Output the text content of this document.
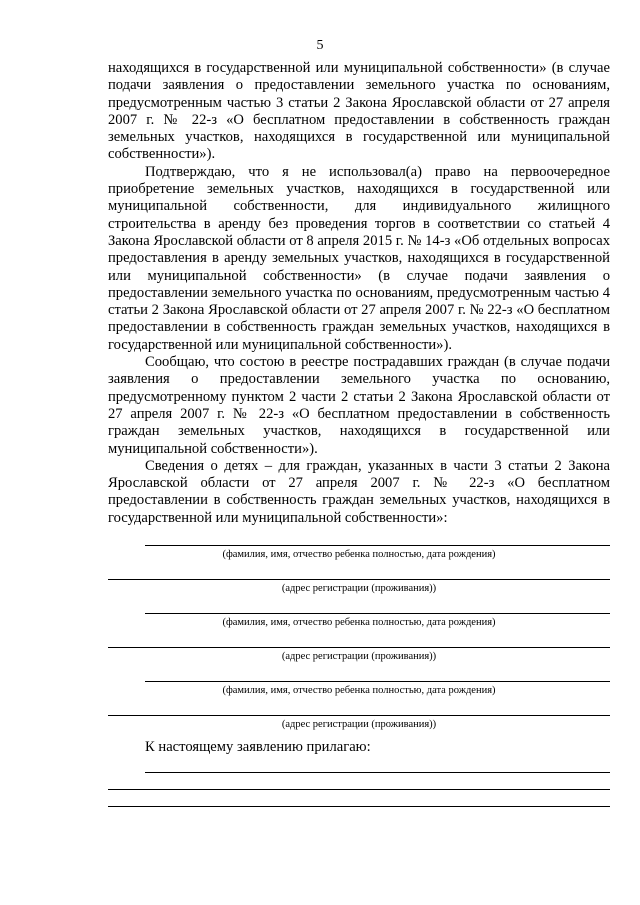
5

находящихся в государственной или муниципальной собственности» (в случае подачи заявления о предоставлении земельного участка по основаниям, предусмотренным частью 3 статьи 2 Закона Ярославской области от 27 апреля 2007 г. № 22-з «О бесплатном предоставлении в собственность граждан земельных участков, находящихся в государственной или муниципальной собственности»).

Подтверждаю, что я не использовал(а) право на первоочередное приобретение земельных участков, находящихся в государственной или муниципальной собственности, для индивидуального жилищного строительства в аренду без проведения торгов в соответствии со статьей 4 Закона Ярославской области от 8 апреля 2015 г. № 14-з «Об отдельных вопросах предоставления в аренду земельных участков, находящихся в государственной или муниципальной собственности» (в случае подачи заявления о предоставлении земельного участка по основаниям, предусмотренным частью 4 статьи 2 Закона Ярославской области от 27 апреля 2007 г. № 22-з «О бесплатном предоставлении в собственность граждан земельных участков, находящихся в государственной или муниципальной собственности»).

Сообщаю, что состою в реестре пострадавших граждан (в случае подачи заявления о предоставлении земельного участка по основанию, предусмотренному пунктом 2 части 2 статьи 2 Закона Ярославской области от 27 апреля 2007 г. № 22-з «О бесплатном предоставлении в собственность граждан земельных участков, находящихся в государственной или муниципальной собственности»).

Сведения о детях – для граждан, указанных в части 3 статьи 2 Закона Ярославской области от 27 апреля 2007 г. № 22-з «О бесплатном предоставлении в собственность граждан земельных участков, находящихся в государственной или муниципальной собственности»:

(фамилия, имя, отчество ребенка полностью, дата рождения)
(адрес регистрации (проживания))
(фамилия, имя, отчество ребенка полностью, дата рождения)
(адрес регистрации (проживания))
(фамилия, имя, отчество ребенка полностью, дата рождения)
(адрес регистрации (проживания))

К настоящему заявлению прилагаю:
